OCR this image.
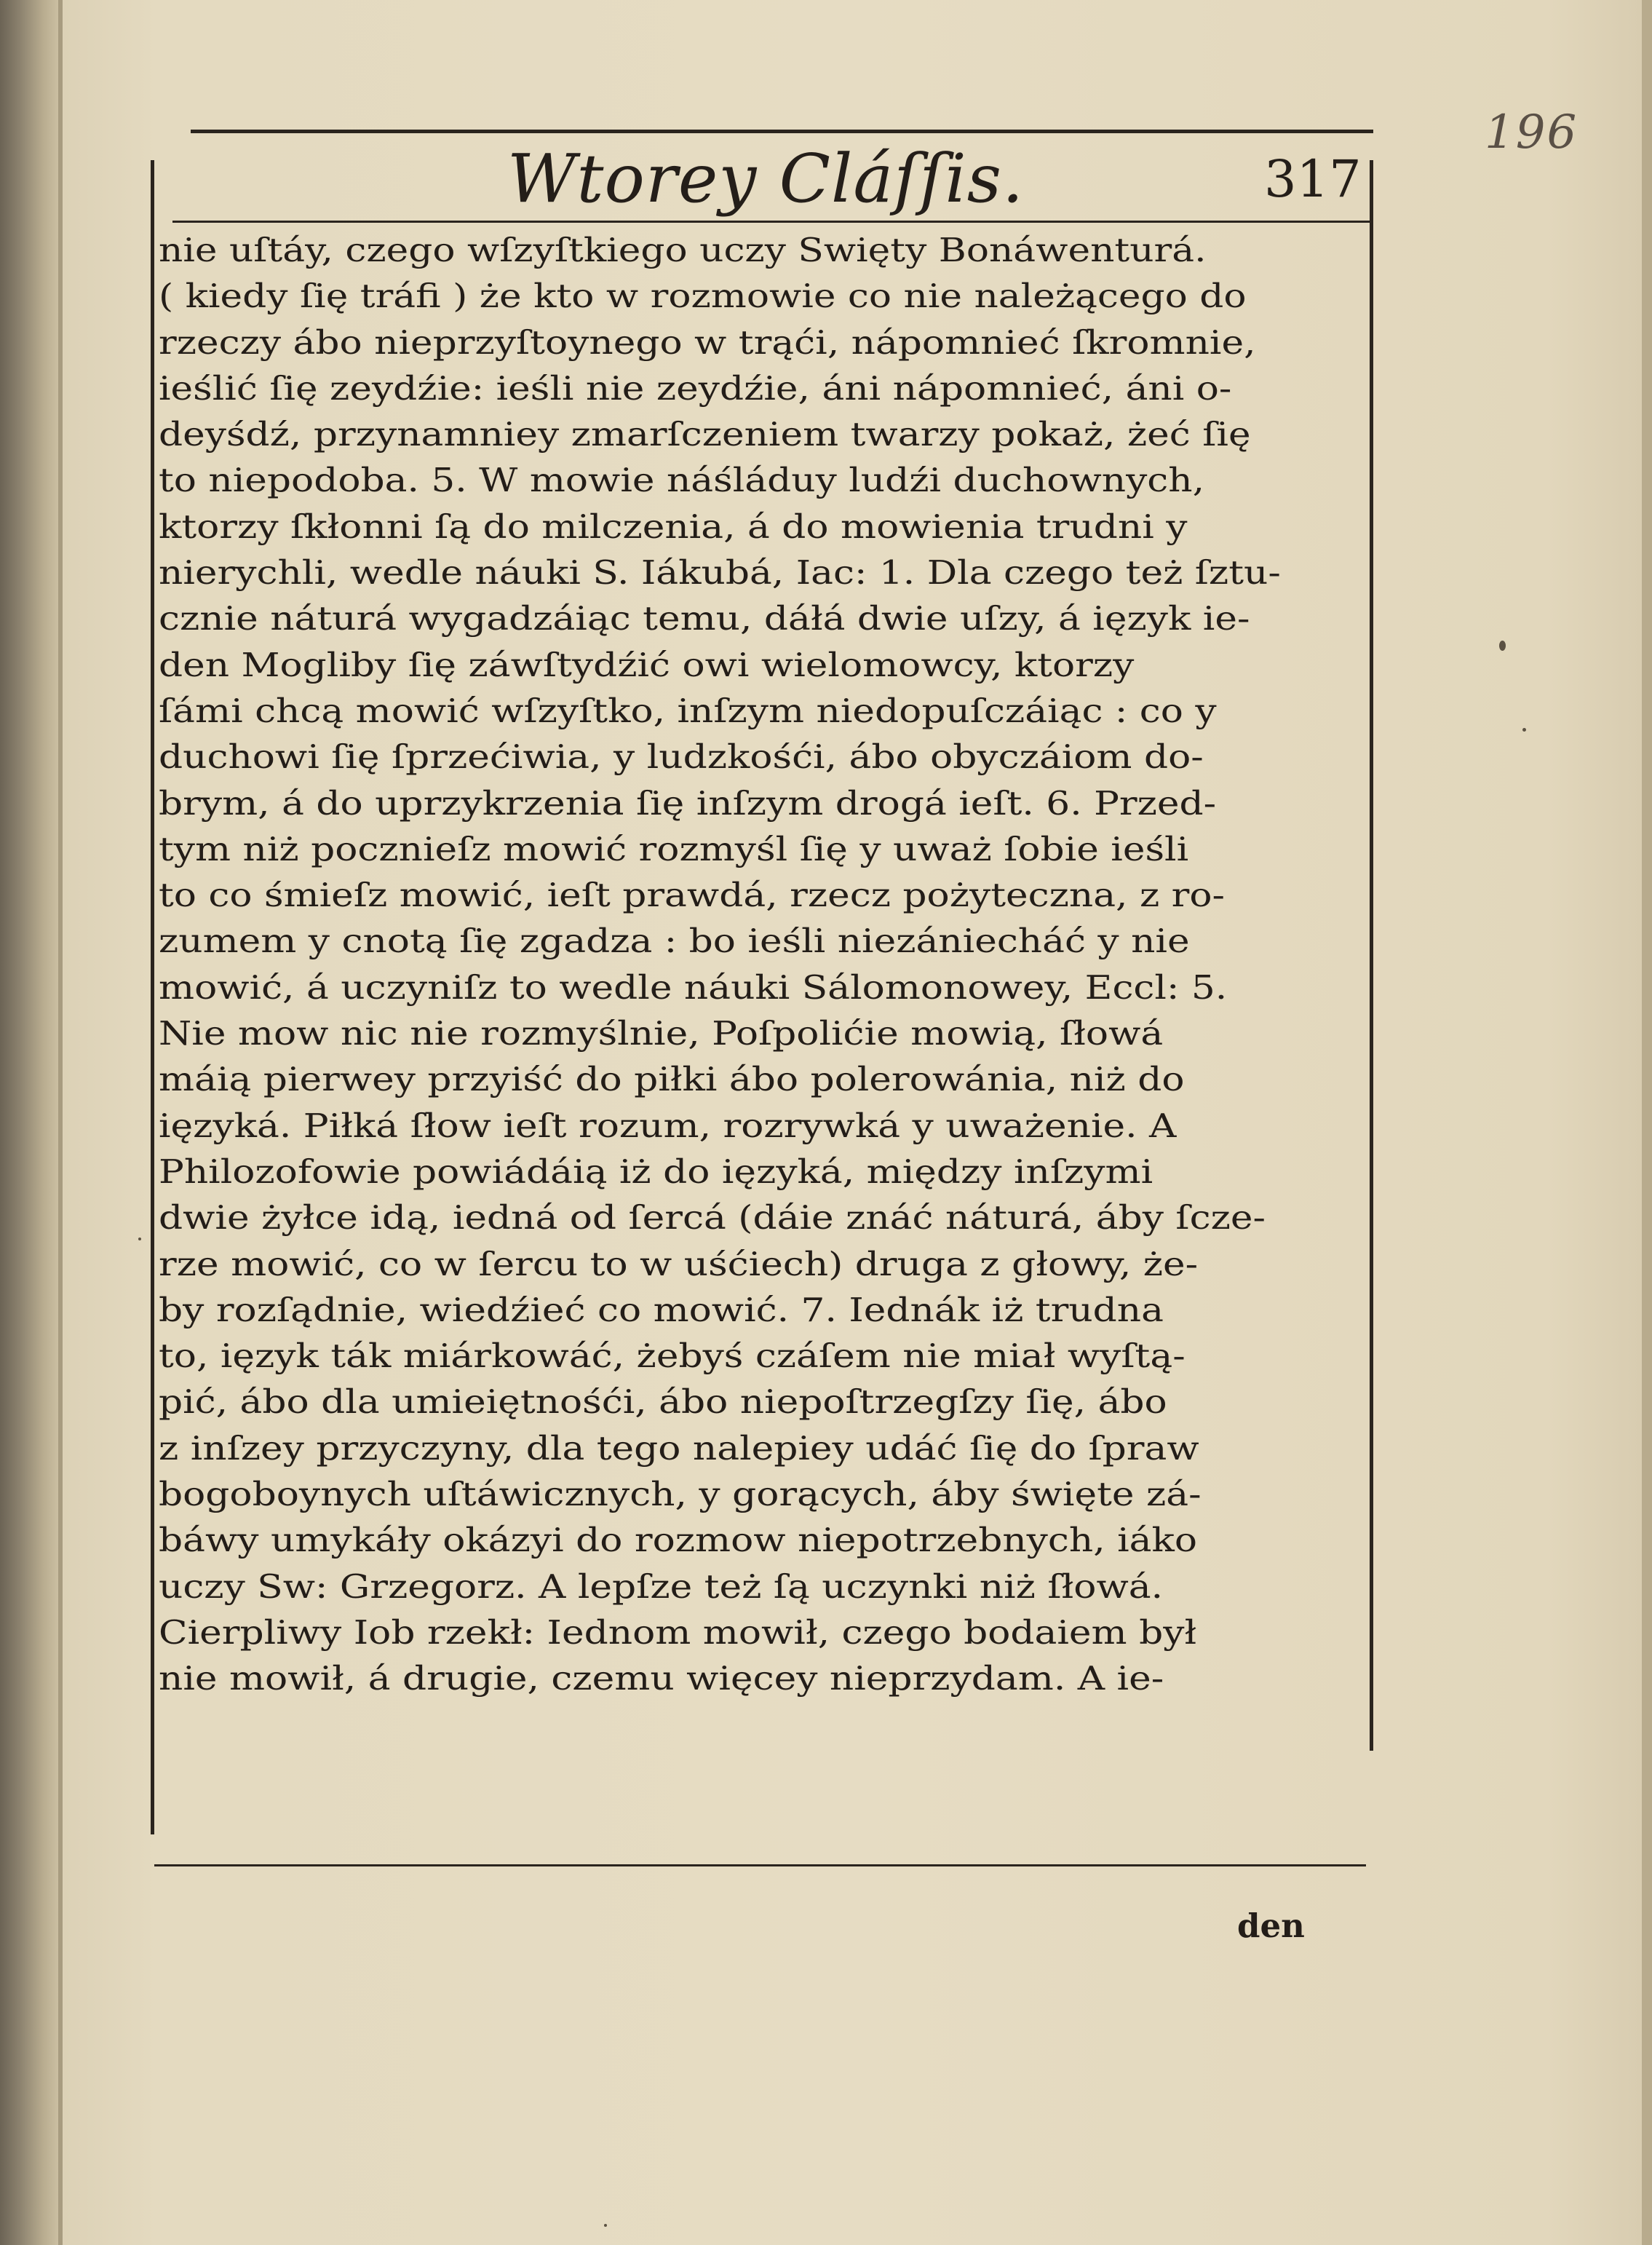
196
Wtorey Cláſſis.	317
nie uſtáy, czego wſzyſtkiego uczy Swięty Bonáwenturá.
( kiedy ſię tráfi ) że kto w rozmowie co nie należącego do
rzeczy ábo nieprzyſtoynego w trąći, nápomnieć ſkromnie,
ieślić ſię zeydźie: ieśli nie zeydźie, áni nápomnieć, áni o-
deyśdź, przynamniey zmarſczeniem twarzy pokaż, żeć ſię
to niepodoba. 5. W mowie náśláduy ludźi duchownych,
ktorzy ſkłonni ſą do milczenia, á do mowienia trudni y
nierychli, wedle náuki S. Iákubá, Iac: 1. Dla czego też ſztu-
cznie náturá wygadzáiąc temu, dáłá dwie uſzy, á ięzyk ie-
den Mogliby ſię záwſtydźić owi wielomowcy, ktorzy
ſámi chcą mowić wſzyſtko, inſzym niedopuſczáiąc : co y
duchowi ſię ſprzećiwia, y ludzkośći, ábo obyczáiom do-
brym, á do uprzykrzenia ſię inſzym drogá ieſt. 6. Przed-
tym niż pocznieſz mowić rozmyśl ſię y uważ ſobie ieśli
to co śmieſz mowić, ieſt prawdá, rzecz pożyteczna, z ro-
zumem y cnotą ſię zgadza : bo ieśli niezániecháć y nie
mowić, á uczyniſz to wedle náuki Sálomonowey, Eccl: 5.
Nie mow nic nie rozmyślnie, Poſpolićie mowią, ſłowá
máią pierwey przyiść do piłki ábo polerowánia, niż do
ięzyká. Piłká ſłow ieſt rozum, rozrywká y uważenie. A
Philozofowie powiádáią iż do ięzyká, między inſzymi
dwie żyłce idą, iedná od ſercá (dáie znáć náturá, áby ſcze-
rze mowić, co w ſercu to w uśćiech) druga z głowy, że-
by rozſądnie, wiedźieć co mowić. 7. Iednák iż trudna
to, ięzyk ták miárkowáć, żebyś czáſem nie miał wyſtą-
pić, ábo dla umieiętnośći, ábo niepoſtrzegſzy ſię, ábo
z inſzey przyczyny, dla tego nalepiey udáć ſię do ſpraw
bogoboynych uſtáwicznych, y gorących, áby święte zá-
báwy umykáły okázyi do rozmow niepotrzebnych, iáko
uczy Sw: Grzegorz. A lepſze też ſą uczynki niż ſłowá.
Cierpliwy Iob rzekł: Iednom mowił, czego bodaiem był
nie mowił, á drugie, czemu więcey nieprzydam. A ie-
den
